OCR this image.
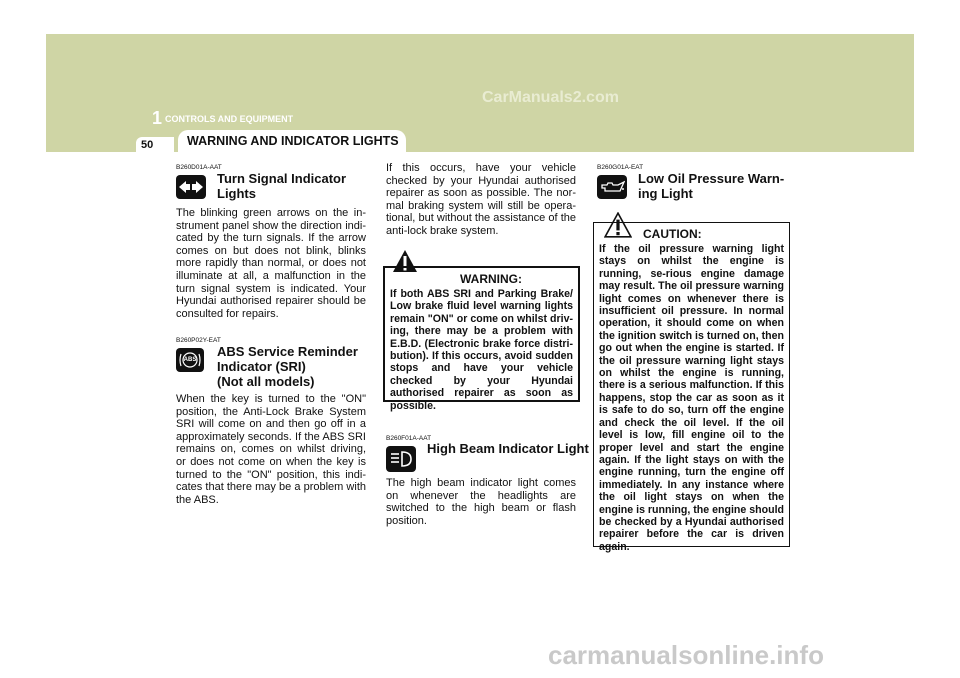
CarManuals2.com
1 CONTROLS AND EQUIPMENT
50	WARNING AND INDICATOR LIGHTS
B260D01A-AAT
Turn Signal Indicator
Lights
The blinking green arrows on the in-strument panel show the direction indi-cated by the turn signals. If the arrow comes on but does not blink, blinks more rapidly than normal, or does not illuminate at all, a malfunction in the turn signal system is indicated. Your Hyundai authorised repairer should be consulted for repairs.
B260P02Y-EAT
ABS
ABS Service Reminder
Indicator (SRI)
(Not all models)
When the key is turned to the "ON" position, the Anti-Lock Brake System SRI will come on and then go off in a approximately seconds. If the ABS SRI remains on, comes on whilst driving, or does not come on when the key is turned to the "ON" position, this indi-cates that there may be a problem with the ABS.
If this occurs, have your vehicle checked by your Hyundai authorised repairer as soon as possible. The nor-mal braking system will still be opera-tional, but without the assistance of the anti-lock brake system.
WARNING:
If both ABS SRI and Parking Brake/ Low brake fluid level warning lights remain "ON" or come on whilst driv-ing, there may be a problem with E.B.D. (Electronic brake force distri-bution). If this occurs, avoid sudden stops and have your vehicle checked by your Hyundai authorised repairer as soon as possible.
B260F01A-AAT
High Beam Indicator Light
The high beam indicator light comes on whenever the headlights are switched to the high beam or flash position.
B260G01A-EAT
Low Oil Pressure Warn-
ing Light
CAUTION:
If the oil pressure warning light stays on whilst the engine is running, se-rious engine damage may result. The oil pressure warning light comes on whenever there is insufficient oil pressure. In normal operation, it should come on when the ignition switch is turned on, then go out when the engine is started. If the oil pressure warning light stays on whilst the engine is running, there is a serious malfunction. If this happens, stop the car as soon as it is safe to do so, turn off the engine and check the oil level. If the oil level is low, fill engine oil to the proper level and start the engine again. If the light stays on with the engine running, turn the engine off immediately. In any instance where the oil light stays on when the engine is running, the engine should be checked by a Hyundai authorised repairer before the car is driven again.
carmanualsonline.info
